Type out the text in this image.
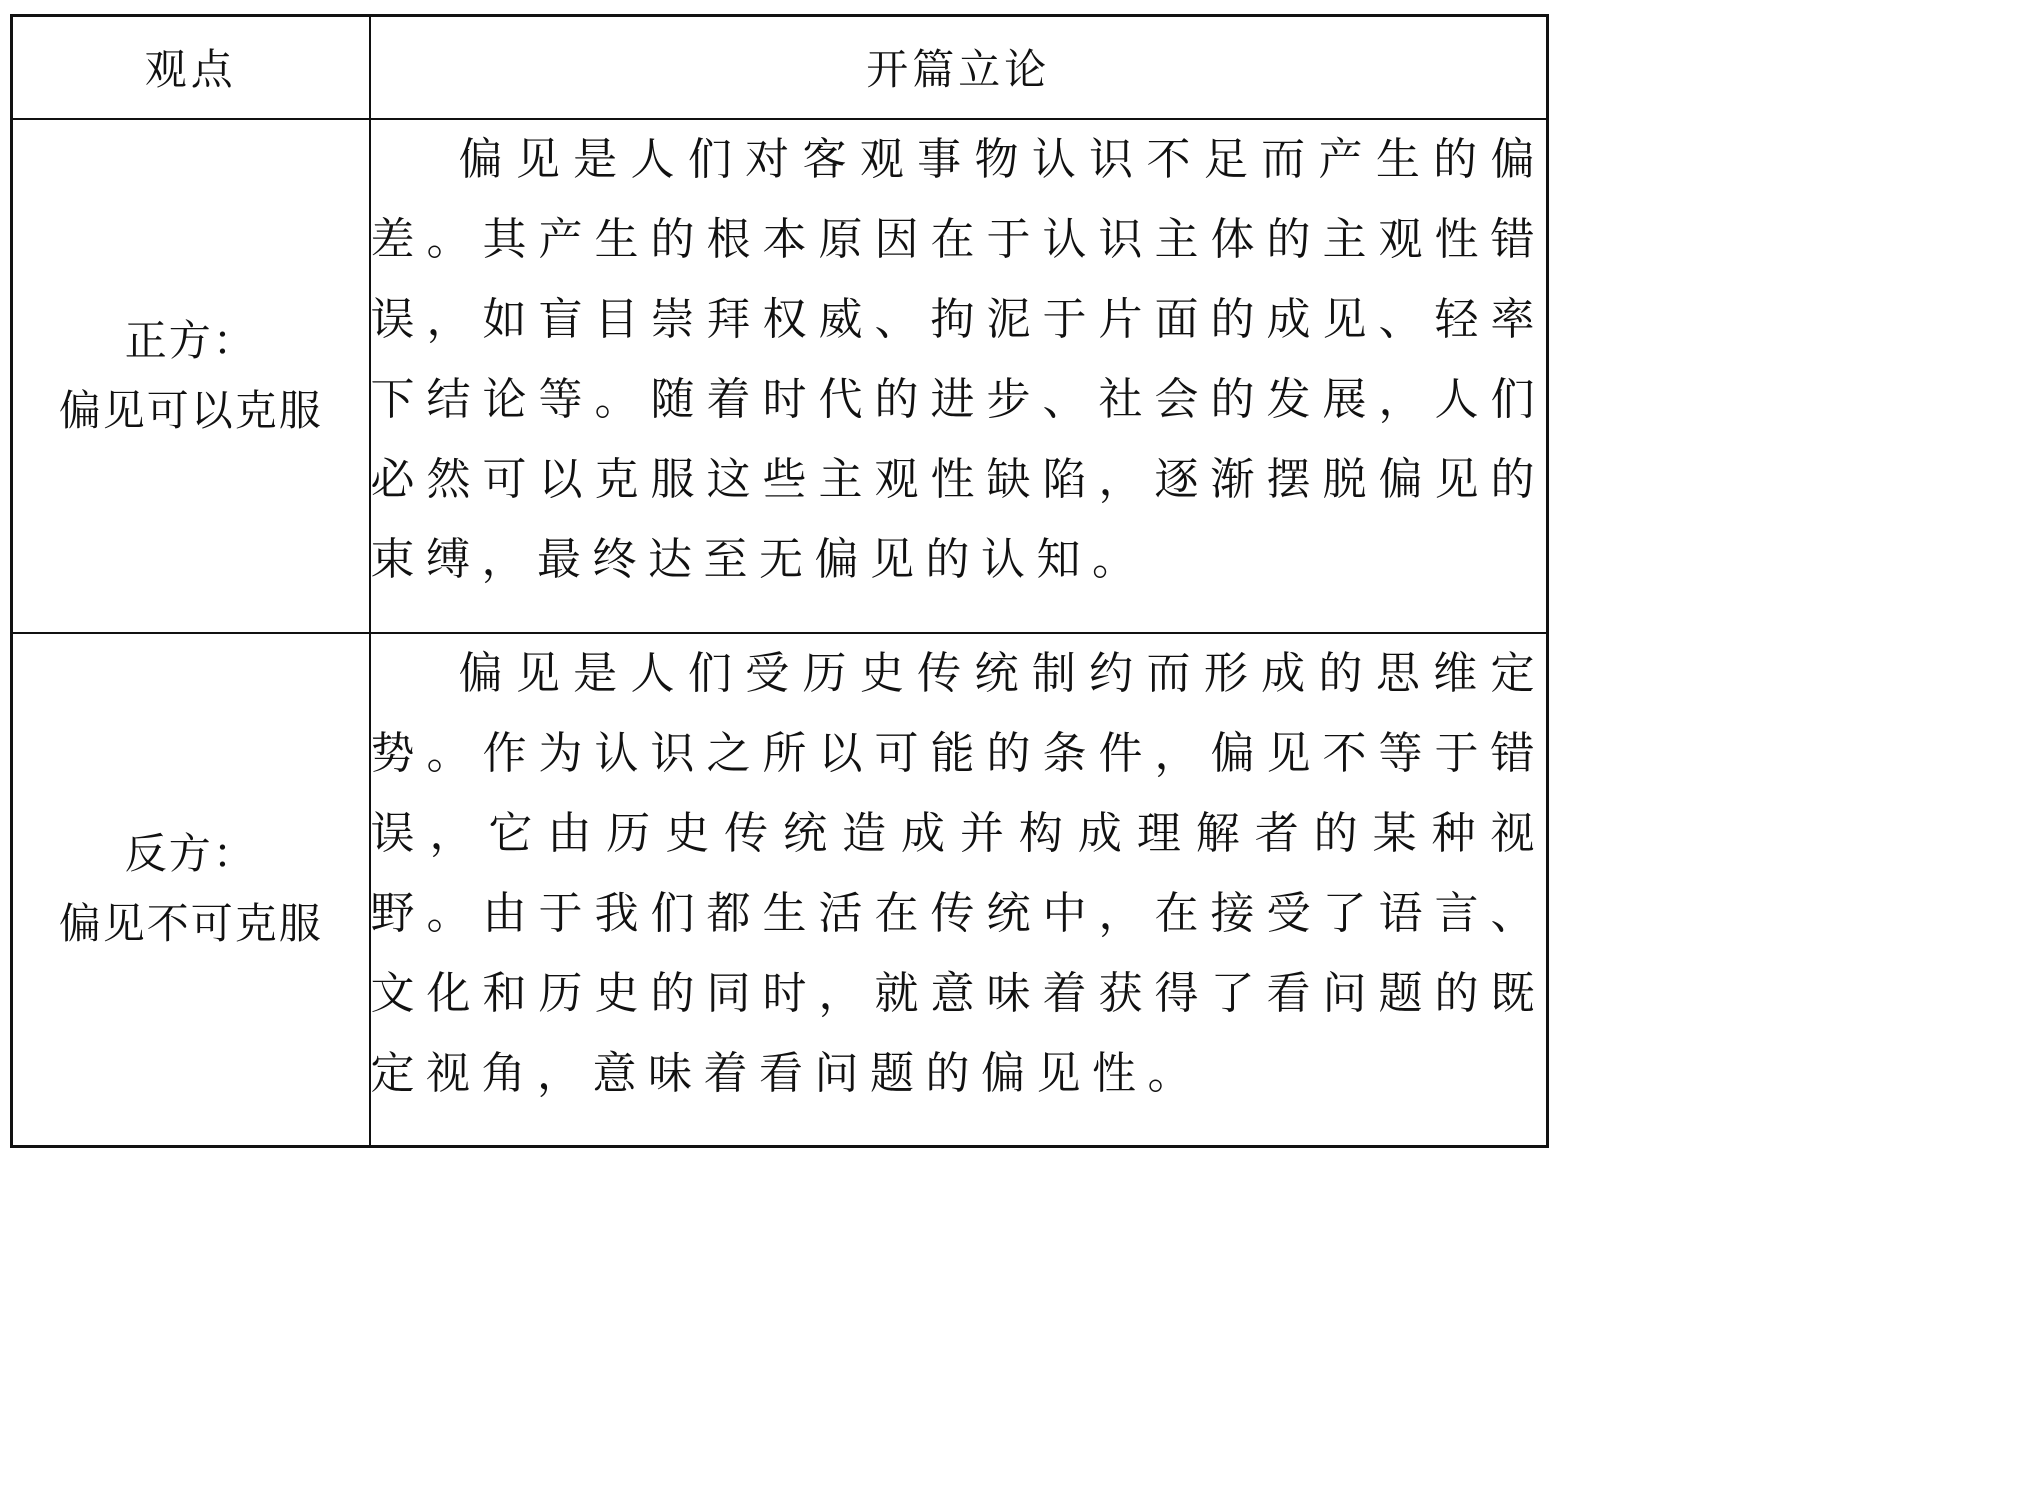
观点	开篇立论

正方：
偏见可以克服	偏见是人们对客观事物认识不足而产生的偏差。其产生的根本原因在于认识主体的主观性错误，如盲目崇拜权威、拘泥于片面的成见、轻率下结论等。随着时代的进步、社会的发展，人们必然可以克服这些主观性缺陷，逐渐摆脱偏见的束缚，最终达至无偏见的认知。

反方：
偏见不可克服	偏见是人们受历史传统制约而形成的思维定势。作为认识之所以可能的条件，偏见不等于错误，它由历史传统造成并构成理解者的某种视野。由于我们都生活在传统中，在接受了语言、文化和历史的同时，就意味着获得了看问题的既定视角，意味着看问题的偏见性。
